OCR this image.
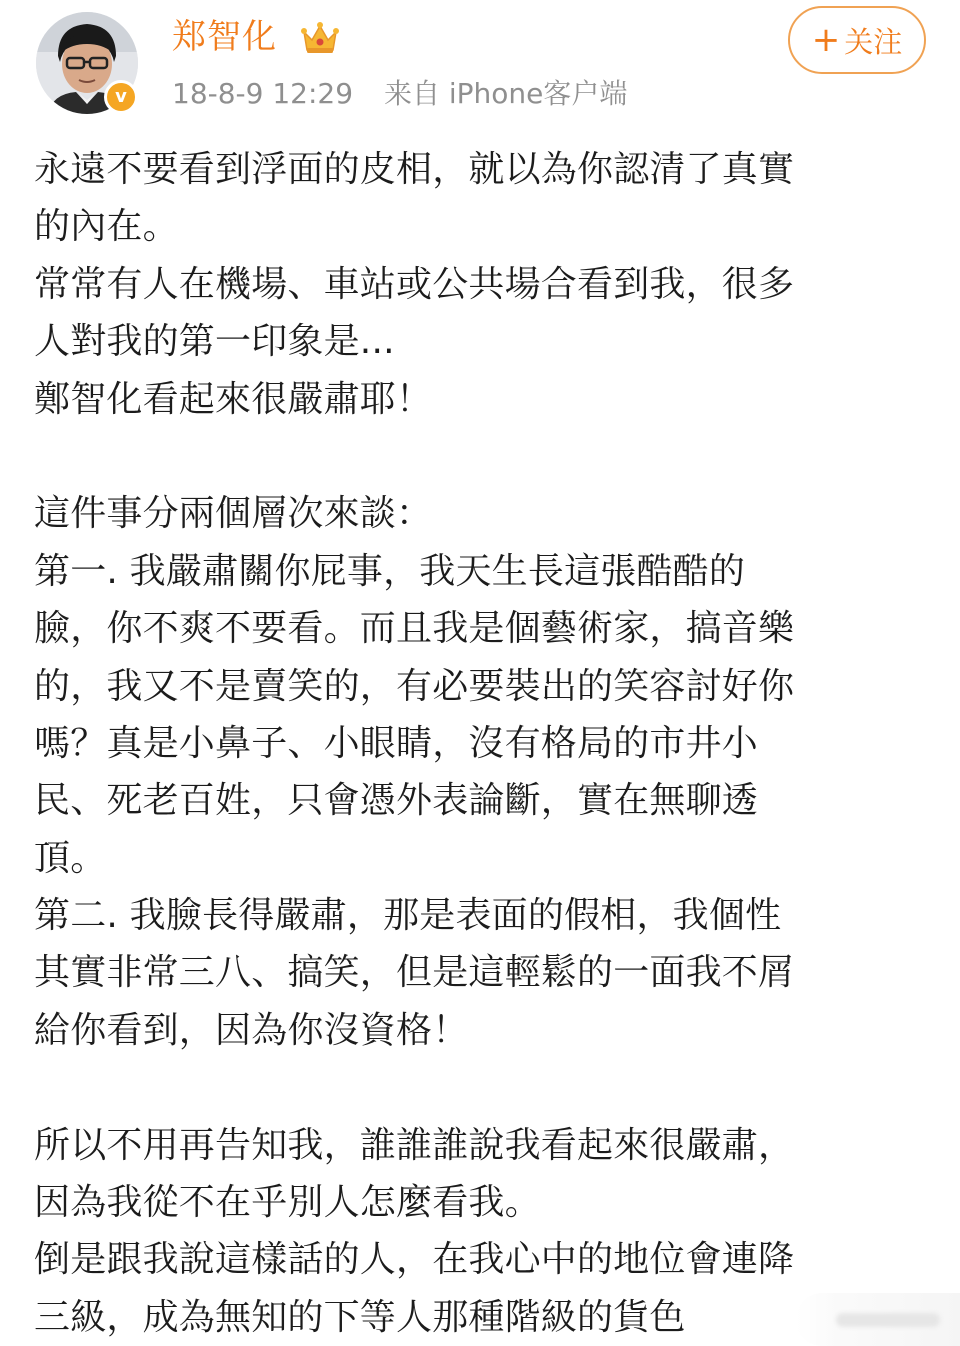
v
郑智化
18-8-9 12:29 来自 iPhone客户端
+ 关注
永遠不要看到浮面的皮相，就以為你認清了真實
的內在。
常常有人在機場、車站或公共場合看到我，很多
人對我的第一印象是...
鄭智化看起來很嚴肅耶！
這件事分兩個層次來談：
第一. 我嚴肅關你屁事，我天生長這張酷酷的
臉，你不爽不要看。而且我是個藝術家，搞音樂
的，我又不是賣笑的，有必要裝出的笑容討好你
嗎？真是小鼻子、小眼睛，沒有格局的市井小
民、死老百姓，只會憑外表論斷，實在無聊透
頂。
第二. 我臉長得嚴肅，那是表面的假相，我個性
其實非常三八、搞笑，但是這輕鬆的一面我不屑
給你看到，因為你沒資格！
所以不用再告知我，誰誰誰說我看起來很嚴肅，
因為我從不在乎別人怎麼看我。
倒是跟我說這樣話的人，在我心中的地位會連降
三級，成為無知的下等人那種階級的貨色
